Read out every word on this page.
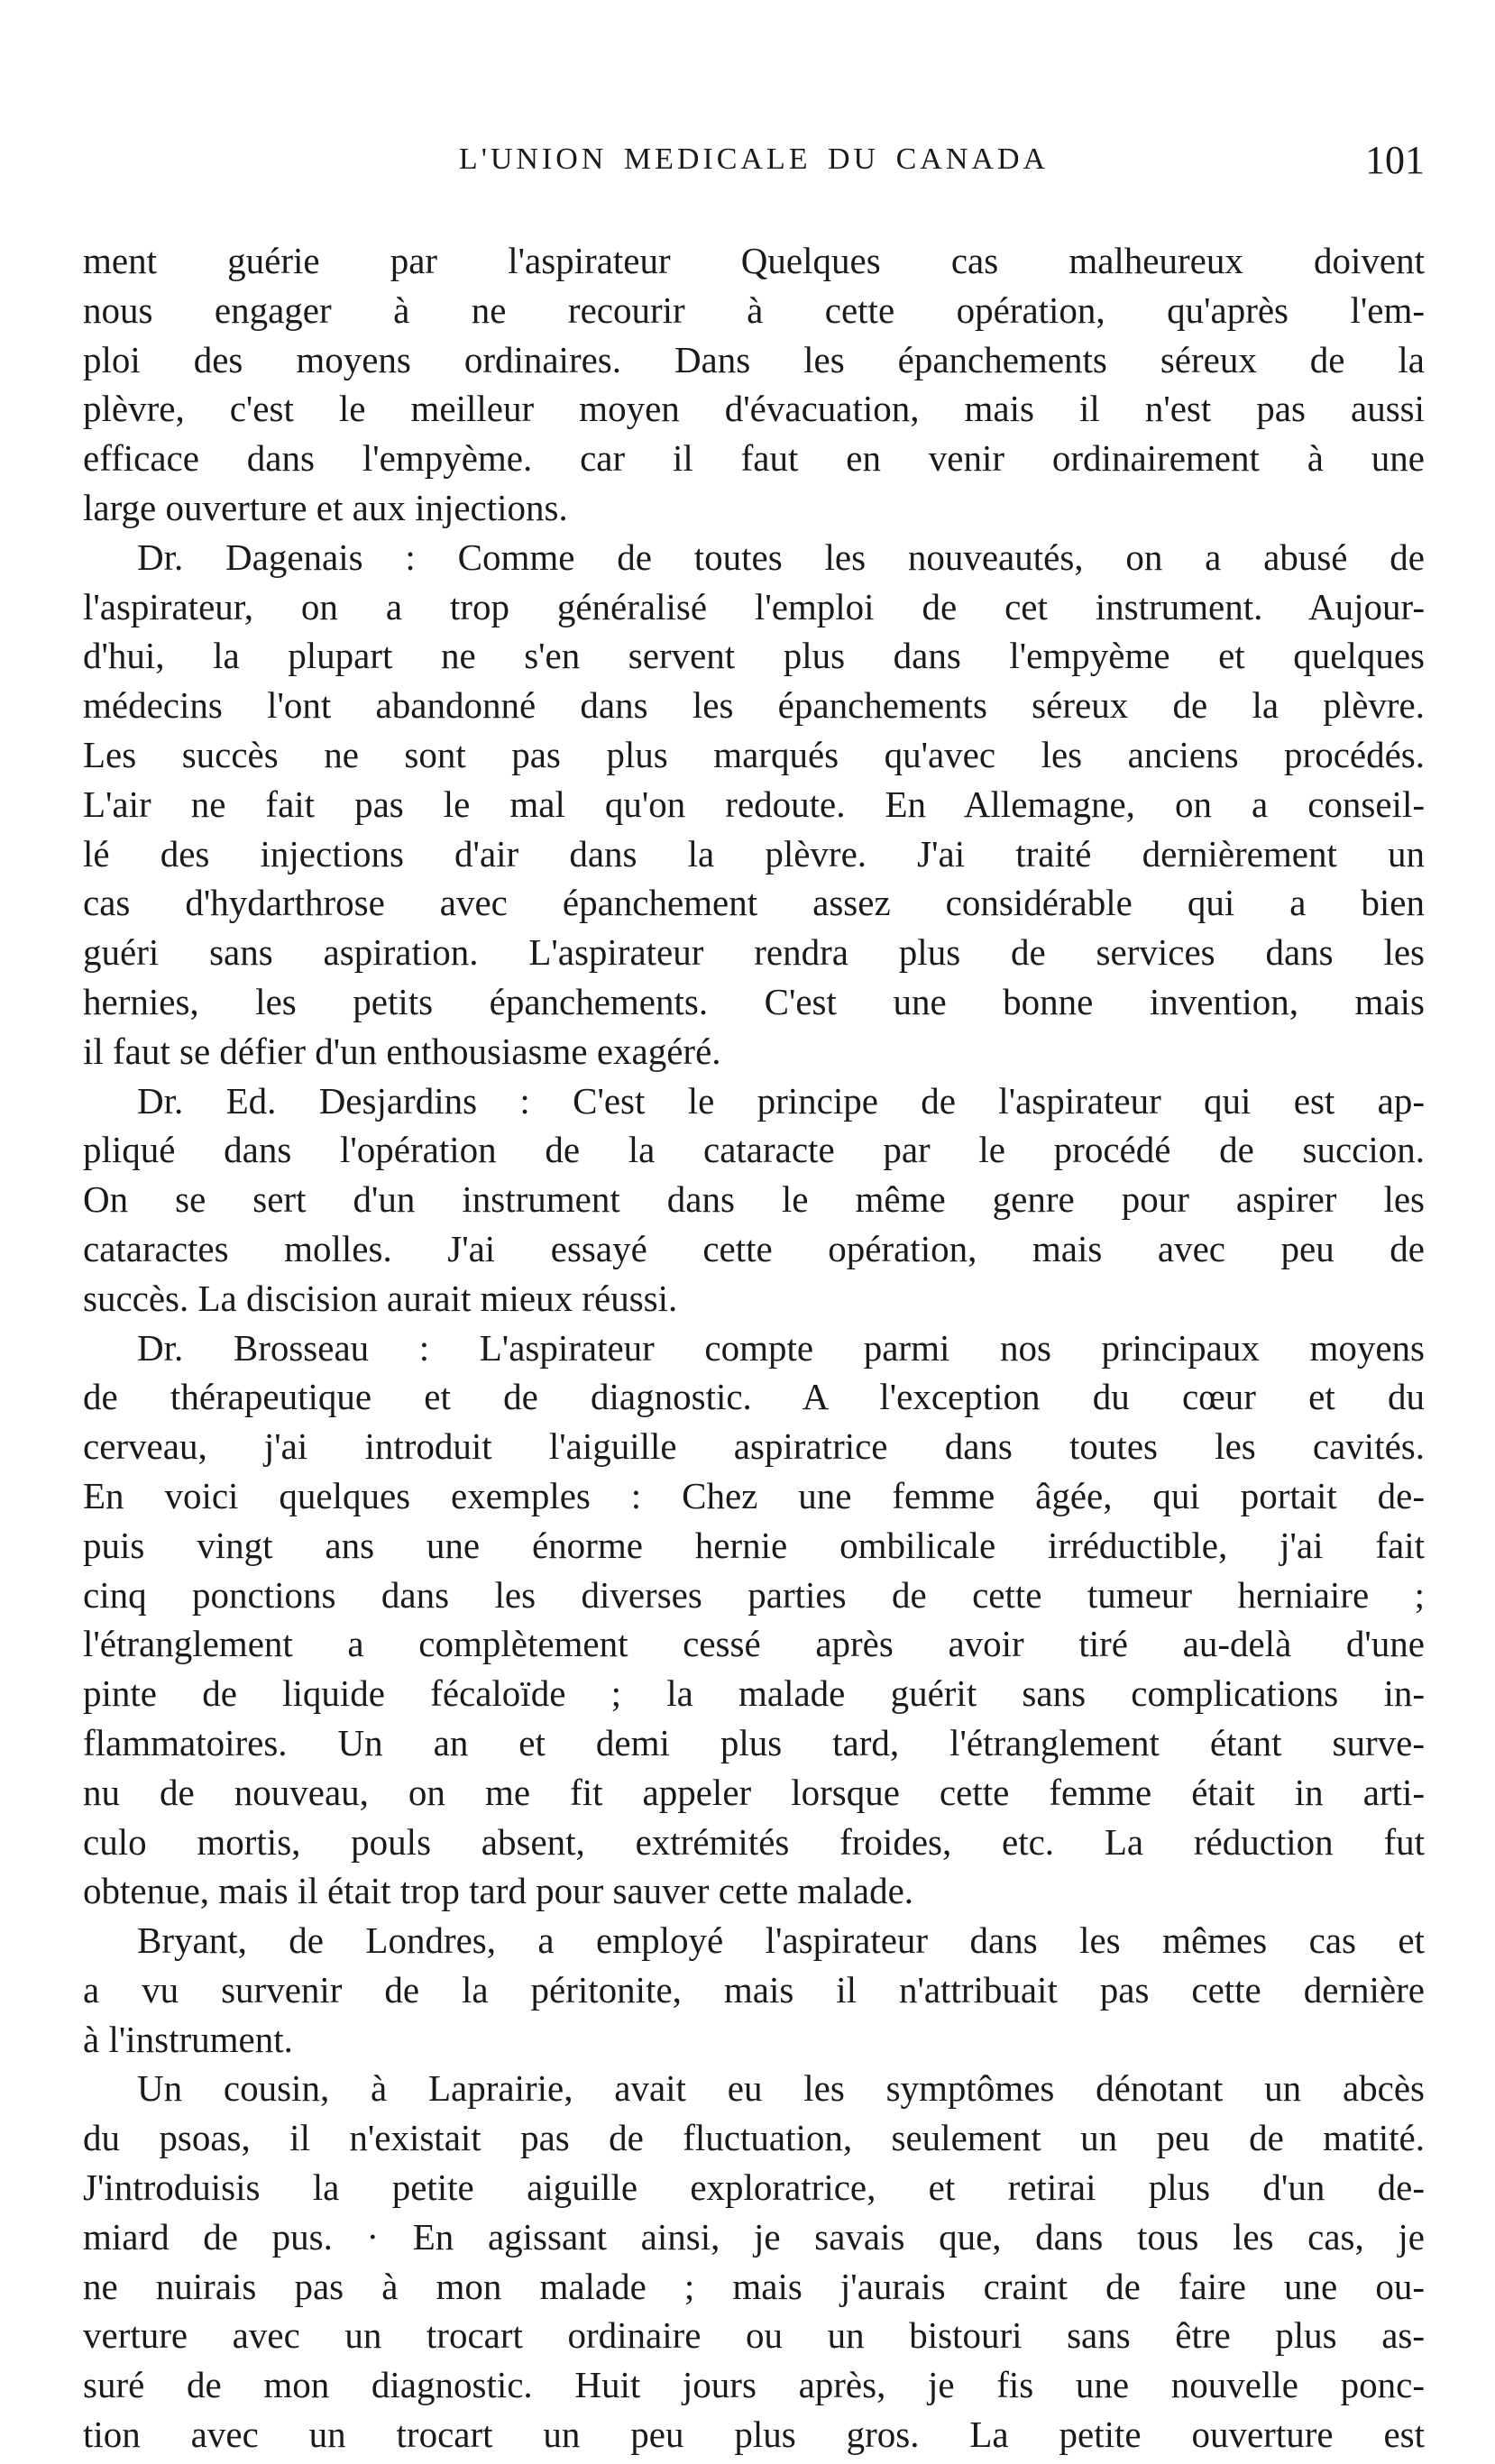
L'UNION MEDICALE DU CANADA	101
ment guérie par l'aspirateur Quelques cas malheureux doivent
nous engager à ne recourir à cette opération, qu'après l'em-
ploi des moyens ordinaires. Dans les épanchements séreux de la
plèvre, c'est le meilleur moyen d'évacuation, mais il n'est pas aussi
efficace dans l'empyème. car il faut en venir ordinairement à une
large ouverture et aux injections.
Dr. Dagenais : Comme de toutes les nouveautés, on a abusé de
l'aspirateur, on a trop généralisé l'emploi de cet instrument. Aujour-
d'hui, la plupart ne s'en servent plus dans l'empyème et quelques
médecins l'ont abandonné dans les épanchements séreux de la plèvre.
Les succès ne sont pas plus marqués qu'avec les anciens procédés.
L'air ne fait pas le mal qu'on redoute. En Allemagne, on a conseil-
lé des injections d'air dans la plèvre. J'ai traité dernièrement un
cas d'hydarthrose avec épanchement assez considérable qui a bien
guéri sans aspiration. L'aspirateur rendra plus de services dans les
hernies, les petits épanchements. C'est une bonne invention, mais
il faut se défier d'un enthousiasme exagéré.
Dr. Ed. Desjardins : C'est le principe de l'aspirateur qui est ap-
pliqué dans l'opération de la cataracte par le procédé de succion.
On se sert d'un instrument dans le même genre pour aspirer les
cataractes molles. J'ai essayé cette opération, mais avec peu de
succès. La discision aurait mieux réussi.
Dr. Brosseau : L'aspirateur compte parmi nos principaux moyens
de thérapeutique et de diagnostic. A l'exception du cœur et du
cerveau, j'ai introduit l'aiguille aspiratrice dans toutes les cavités.
En voici quelques exemples : Chez une femme âgée, qui portait de-
puis vingt ans une énorme hernie ombilicale irréductible, j'ai fait
cinq ponctions dans les diverses parties de cette tumeur herniaire ;
l'étranglement a complètement cessé après avoir tiré au-delà d'une
pinte de liquide fécaloïde ; la malade guérit sans complications in-
flammatoires. Un an et demi plus tard, l'étranglement étant surve-
nu de nouveau, on me fit appeler lorsque cette femme était in arti-
culo mortis, pouls absent, extrémités froides, etc. La réduction fut
obtenue, mais il était trop tard pour sauver cette malade.
Bryant, de Londres, a employé l'aspirateur dans les mêmes cas et
a vu survenir de la péritonite, mais il n'attribuait pas cette dernière
à l'instrument.
Un cousin, à Laprairie, avait eu les symptômes dénotant un abcès
du psoas, il n'existait pas de fluctuation, seulement un peu de matité.
J'introduisis la petite aiguille exploratrice, et retirai plus d'un de-
miard de pus. · En agissant ainsi, je savais que, dans tous les cas, je
ne nuirais pas à mon malade ; mais j'aurais craint de faire une ou-
verture avec un trocart ordinaire ou un bistouri sans être plus as-
suré de mon diagnostic. Huit jours après, je fis une nouvelle ponc-
tion avec un trocart un peu plus gros. La petite ouverture est
